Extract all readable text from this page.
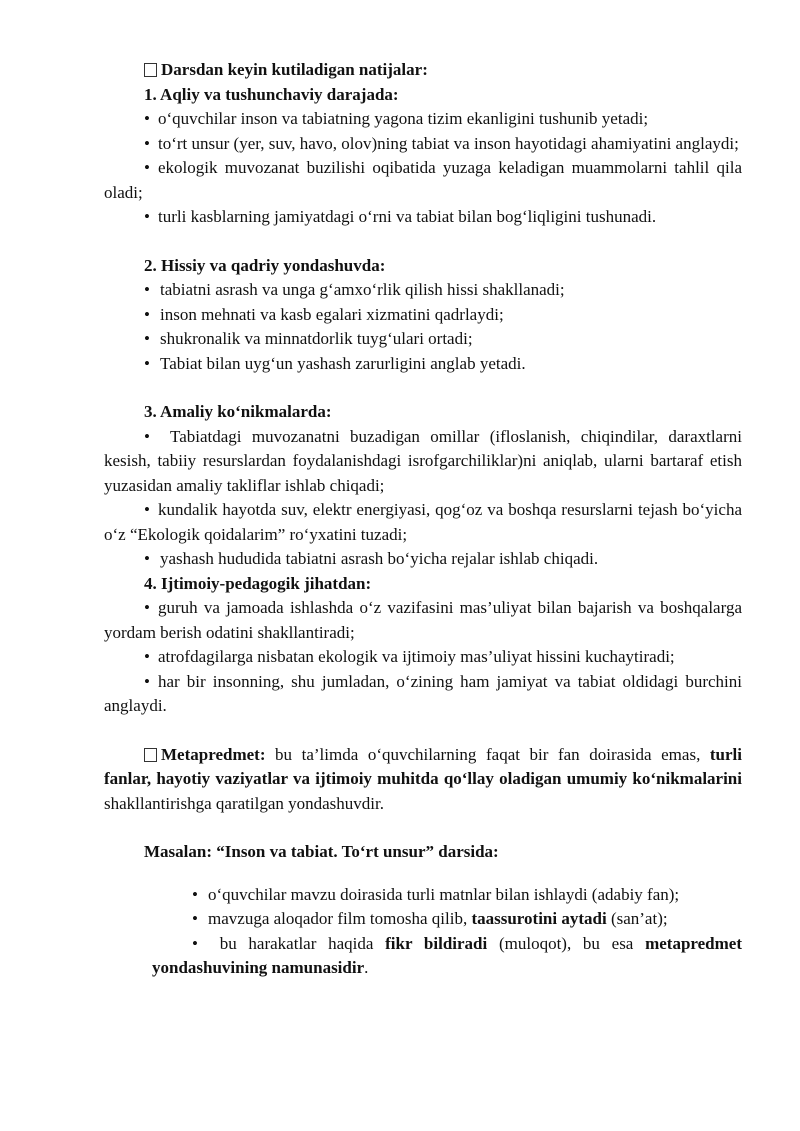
Darsdan keyin kutiladigan natijalar:

1. Aqliy va tushunchaviy darajada:

• o‘quvchilar inson va tabiatning yagona tizim ekanligini tushunib yetadi;

• to‘rt unsur (yer, suv, havo, olov)ning tabiat va inson hayotidagi ahamiyatini anglaydi;

• ekologik muvozanat buzilishi oqibatida yuzaga keladigan muammolarni tahlil qila oladi;

• turli kasblarning jamiyatdagi o‘rni va tabiat bilan bog‘liqligini tushunadi.

2. Hissiy va qadriy yondashuvda:

• tabiatni asrash va unga g‘amxo‘rlik qilish hissi shakllanadi;

• inson mehnati va kasb egalari xizmatini qadrlaydi;

• shukronalik va minnatdorlik tuyg‘ulari ortadi;

• Tabiat bilan uyg‘un yashash zarurligini anglab yetadi.

3. Amaliy ko‘nikmalarda:

• Tabiatdagi muvozanatni buzadigan omillar (ifloslanish, chiqindilar, daraxtlarni kesish, tabiiy resurslardan foydalanishdagi isrofgarchiliklar)ni aniqlab, ularni bartaraf etish yuzasidan amaliy takliflar ishlab chiqadi;

• kundalik hayotda suv, elektr energiyasi, qog‘oz va boshqa resurslarni tejash bo‘yicha o‘z “Ekologik qoidalarim” ro‘yxatini tuzadi;

• yashash hududida tabiatni asrash bo‘yicha rejalar ishlab chiqadi.

4. Ijtimoiy-pedagogik jihatdan:

• guruh va jamoada ishlashda o‘z vazifasini mas’uliyat bilan bajarish va boshqalarga yordam berish odatini shakllantiradi;

• atrofdagilarga nisbatan ekologik va ijtimoiy mas’uliyat hissini kuchaytiradi;

• har bir insonning, shu jumladan, o‘zining ham jamiyat va tabiat oldidagi burchini anglaydi.

Metapredmet: bu ta’limda o‘quvchilarning faqat bir fan doirasida emas, turli fanlar, hayotiy vaziyatlar va ijtimoiy muhitda qo‘llay oladigan umumiy ko‘nikmalarini shakllantirishga qaratilgan yondashuvdir.

Masalan: “Inson va tabiat. To‘rt unsur” darsida:

• o‘quvchilar mavzu doirasida turli matnlar bilan ishlaydi (adabiy fan);

• mavzuga aloqador film tomosha qilib, taassurotini aytadi (san’at);

• bu harakatlar haqida fikr bildiradi (muloqot), bu esa metapredmet yondashuvining namunasidir.
